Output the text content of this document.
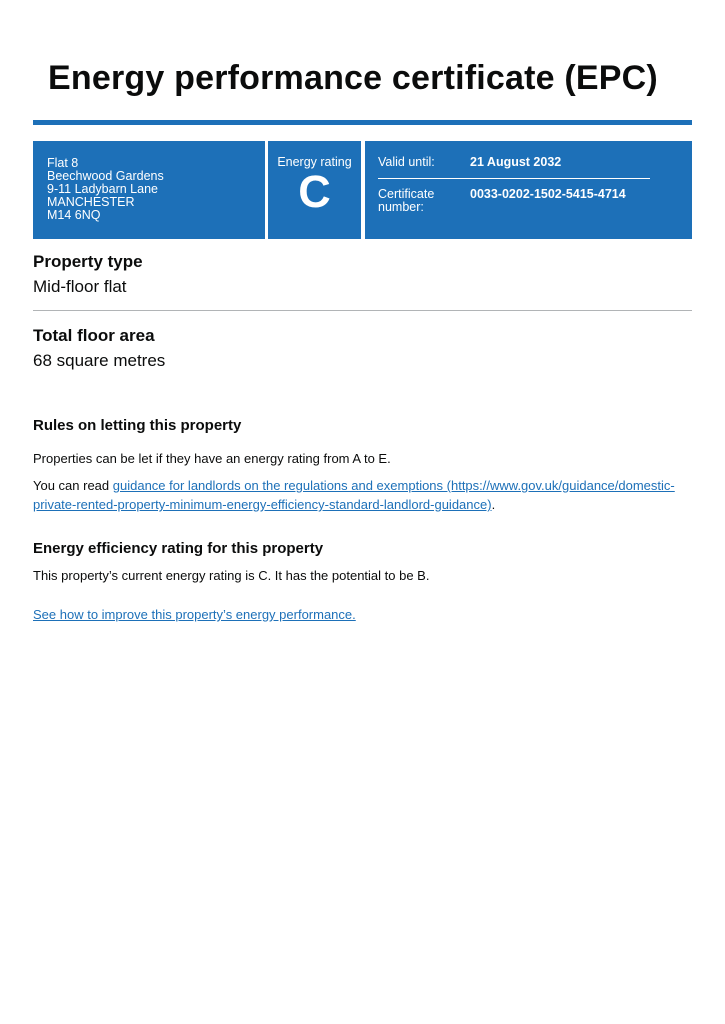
Energy performance certificate (EPC)
Flat 8
Beechwood Gardens
9-11 Ladybarn Lane
MANCHESTER
M14 6NQ
Energy rating
C
Valid until:	21 August 2032
Certificate number:
0033-0202-1502-5415-4714
Property type

Mid-floor flat

Total floor area

68 square metres

Rules on letting this property

Properties can be let if they have an energy rating from A to E.

You can read guidance for landlords on the regulations and exemptions (https://www.gov.uk/guidance/domestic-private-rented-property-minimum-energy-efficiency-standard-landlord-guidance).

Energy efficiency rating for this property

This property’s current energy rating is C. It has the potential to be B.

See how to improve this property’s energy performance.
